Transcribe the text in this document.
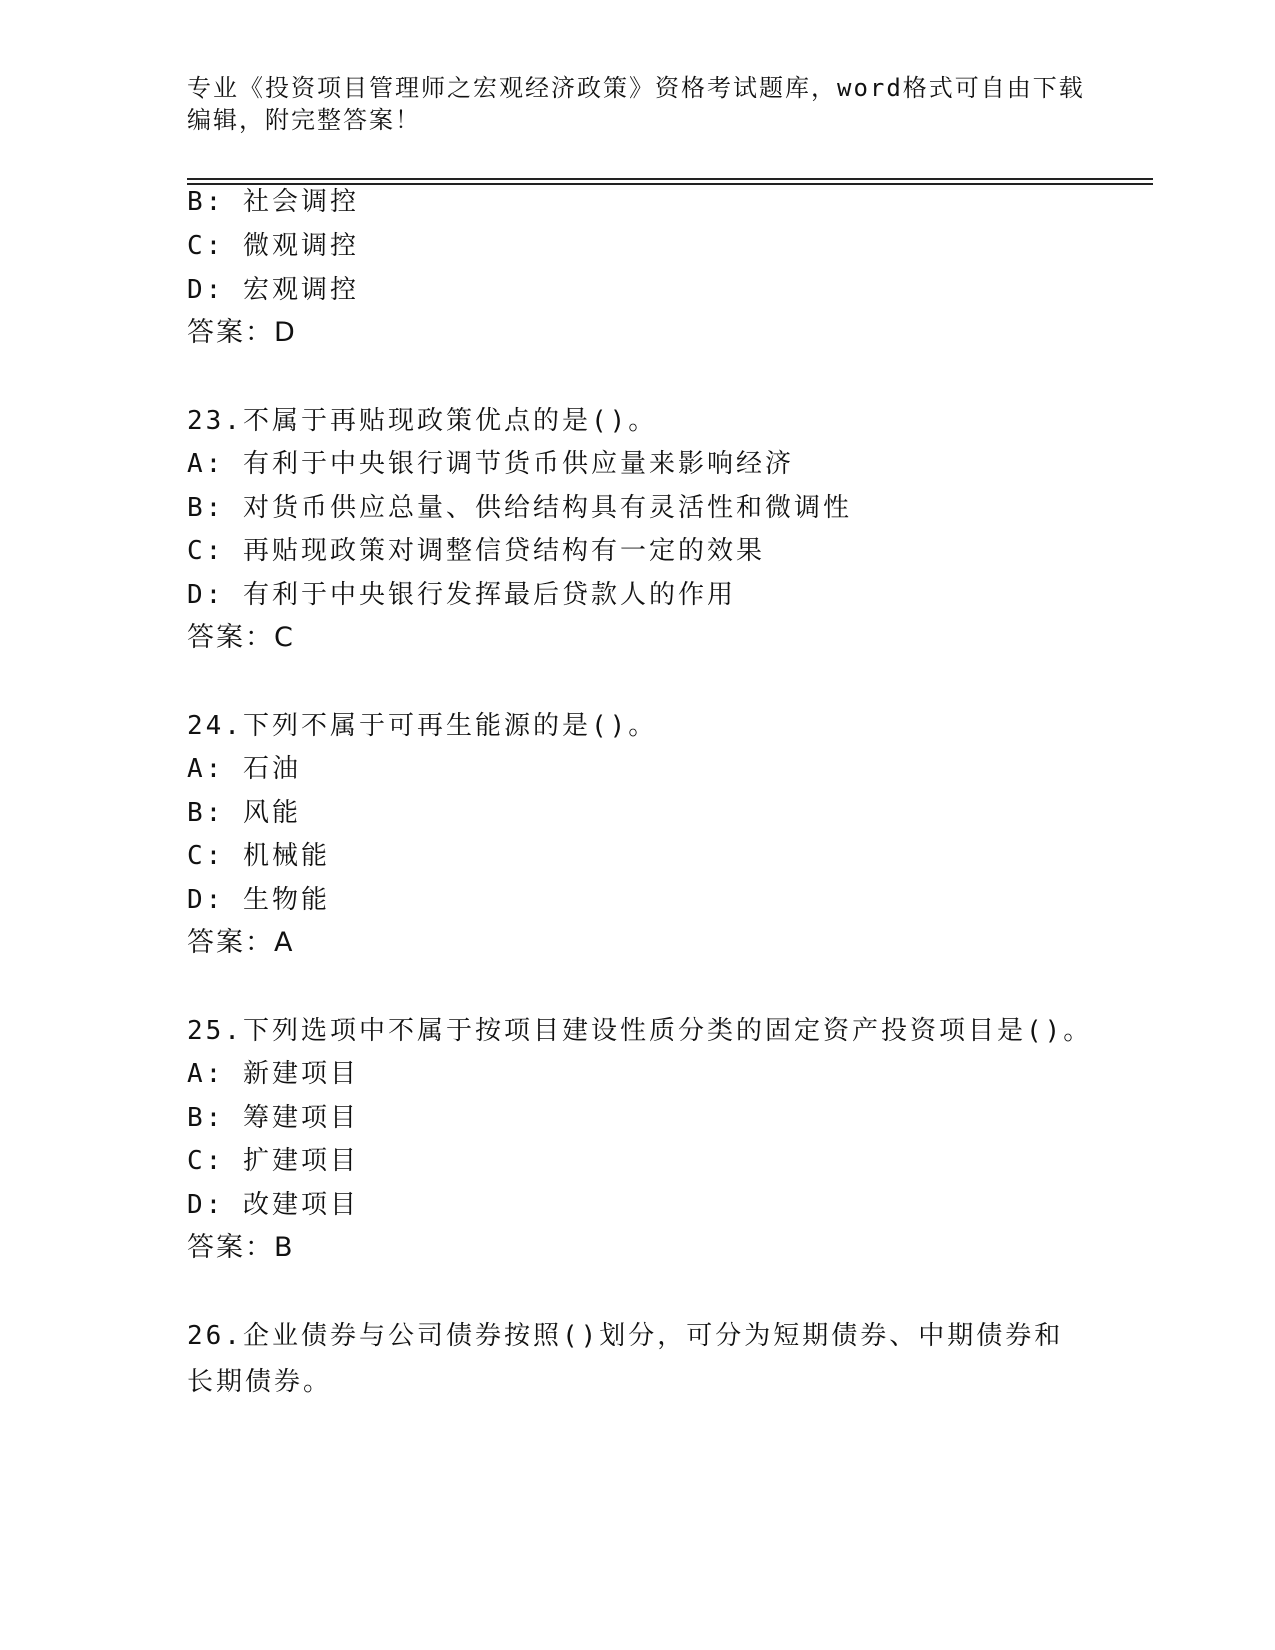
专业《投资项目管理师之宏观经济政策》资格考试题库，word格式可自由下载编辑，附完整答案！
B: 社会调控
C: 微观调控
D: 宏观调控
答案：D
23.不属于再贴现政策优点的是()。
A: 有利于中央银行调节货币供应量来影响经济
B: 对货币供应总量、供给结构具有灵活性和微调性
C: 再贴现政策对调整信贷结构有一定的效果
D: 有利于中央银行发挥最后贷款人的作用
答案：C
24.下列不属于可再生能源的是()。
A: 石油
B: 风能
C: 机械能
D: 生物能
答案：A
25.下列选项中不属于按项目建设性质分类的固定资产投资项目是()。
A: 新建项目
B: 筹建项目
C: 扩建项目
D: 改建项目
答案：B
26.企业债券与公司债券按照()划分，可分为短期债券、中期债券和长期债券。
